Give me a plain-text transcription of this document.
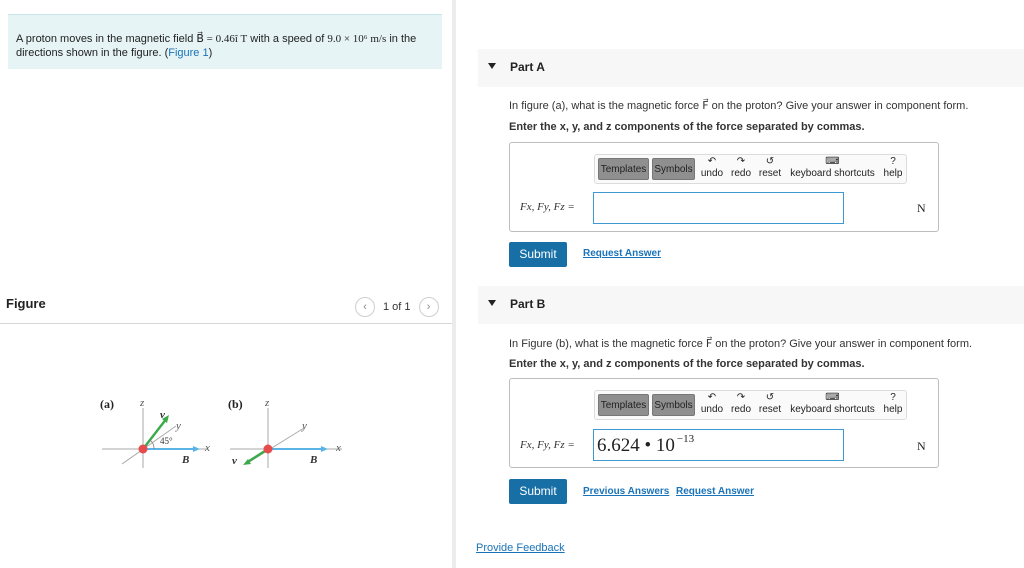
A proton moves in the magnetic field B⃗ = 0.46î T with a speed of 9.0 × 10⁶ m/s in the directions shown in the figure. (Figure 1)
Figure	‹	1 of 1	›
(a) z
y
x
45°
v⃗
B⃗
(b) z
y
x
v⃗	B⃗
Part A
In figure (a), what is the magnetic force F⃗ on the proton? Give your answer in component form.
Enter the x, y, and z components of the force separated by commas.
Templates Symbols
↶
undo
↷
redo
↺
reset
⌨
keyboard shortcuts
?
help
Fx, Fy, Fz =	N
Submit	Request Answer
Part B
In Figure (b), what is the magnetic force F⃗ on the proton? Give your answer in component form.
Enter the x, y, and z components of the force separated by commas.
Templates Symbols
↶
undo
↷
redo
↺
reset
⌨
keyboard shortcuts
?
help
Fx, Fy, Fz = 6.624 • 10 $^{-13}$	N
Submit	Previous Answers Request Answer
Provide Feedback
